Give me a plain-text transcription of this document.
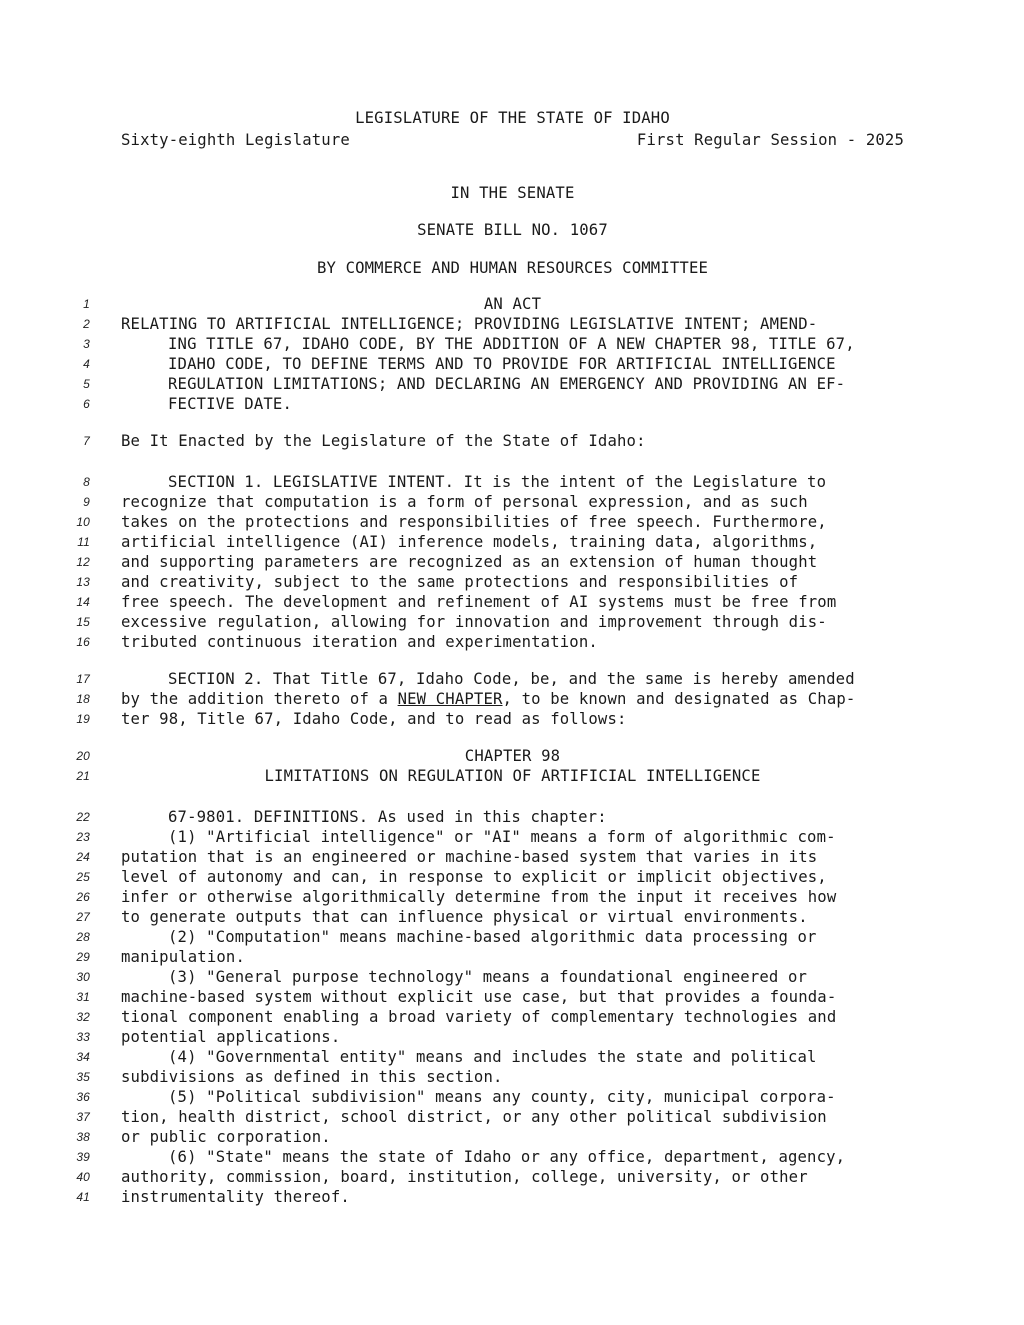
LEGISLATURE OF THE STATE OF IDAHO
Sixty-eighth Legislature	First Regular Session - 2025
IN THE SENATE
SENATE BILL NO. 1067
BY COMMERCE AND HUMAN RESOURCES COMMITTEE
1	AN ACT
2 RELATING TO ARTIFICIAL INTELLIGENCE; PROVIDING LEGISLATIVE INTENT; AMEND-
3	ING TITLE 67, IDAHO CODE, BY THE ADDITION OF A NEW CHAPTER 98, TITLE 67,
4	IDAHO CODE, TO DEFINE TERMS AND TO PROVIDE FOR ARTIFICIAL INTELLIGENCE
5	REGULATION LIMITATIONS; AND DECLARING AN EMERGENCY AND PROVIDING AN EF-
6	FECTIVE DATE.
7 Be It Enacted by the Legislature of the State of Idaho:
8	SECTION 1. LEGISLATIVE INTENT. It is the intent of the Legislature to
9 recognize that computation is a form of personal expression, and as such
10 takes on the protections and responsibilities of free speech. Furthermore,
11 artificial intelligence (AI) inference models, training data, algorithms,
12 and supporting parameters are recognized as an extension of human thought
13 and creativity, subject to the same protections and responsibilities of
14 free speech. The development and refinement of AI systems must be free from
15 excessive regulation, allowing for innovation and improvement through dis-
16 tributed continuous iteration and experimentation.
17	SECTION 2. That Title 67, Idaho Code, be, and the same is hereby amended
18 by the addition thereto of a NEW CHAPTER, to be known and designated as Chap-
19 ter 98, Title 67, Idaho Code, and to read as follows:
20	CHAPTER 98
21	LIMITATIONS ON REGULATION OF ARTIFICIAL INTELLIGENCE
22	67-9801. DEFINITIONS. As used in this chapter:
23	(1) "Artificial intelligence" or "AI" means a form of algorithmic com-
24 putation that is an engineered or machine-based system that varies in its
25 level of autonomy and can, in response to explicit or implicit objectives,
26 infer or otherwise algorithmically determine from the input it receives how
27 to generate outputs that can influence physical or virtual environments.
28	(2) "Computation" means machine-based algorithmic data processing or
29 manipulation.
30	(3) "General purpose technology" means a foundational engineered or
31 machine-based system without explicit use case, but that provides a founda-
32 tional component enabling a broad variety of complementary technologies and
33 potential applications.
34	(4) "Governmental entity" means and includes the state and political
35 subdivisions as defined in this section.
36	(5) "Political subdivision" means any county, city, municipal corpora-
37 tion, health district, school district, or any other political subdivision
38 or public corporation.
39	(6) "State" means the state of Idaho or any office, department, agency,
40 authority, commission, board, institution, college, university, or other
41 instrumentality thereof.
